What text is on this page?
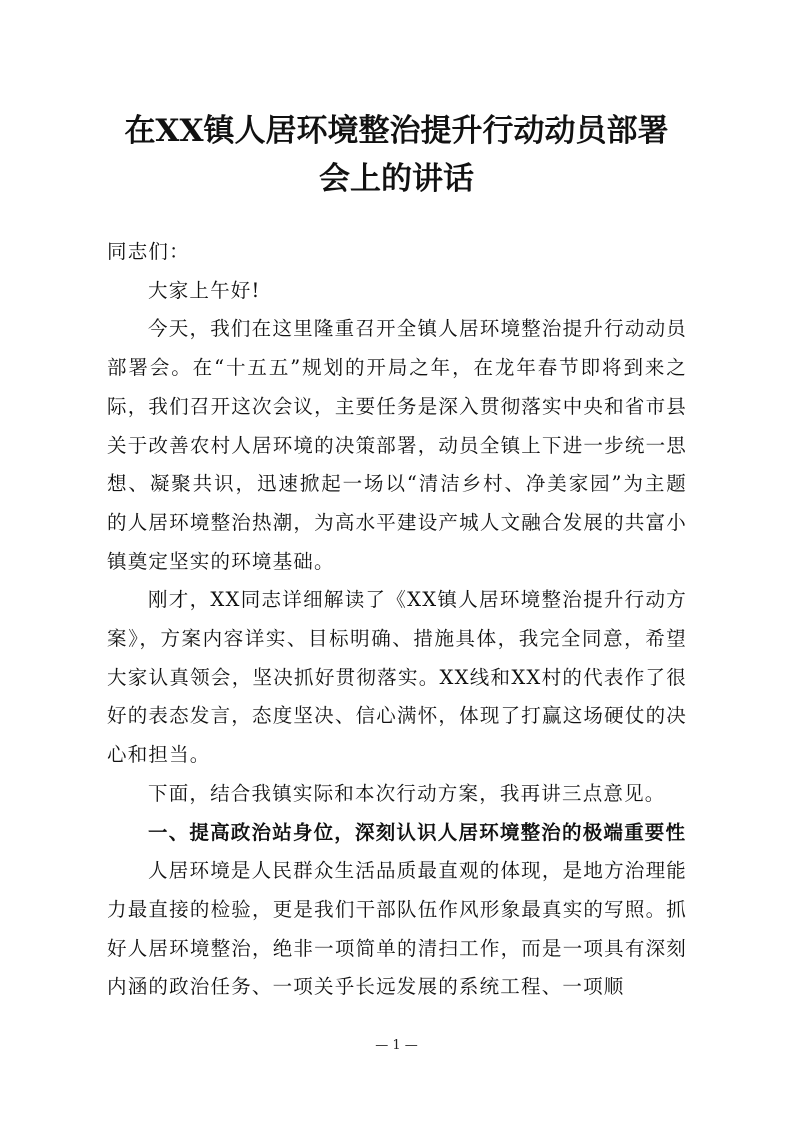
在XX镇人居环境整治提升行动动员部署
会上的讲话

同志们：

大家上午好!

今天，我们在这里隆重召开全镇人居环境整治提升行动动员部署会。在“十五五”规划的开局之年，在龙年春节即将到来之际，我们召开这次会议，主要任务是深入贯彻落实中央和省市县关于改善农村人居环境的决策部署，动员全镇上下进一步统一思想、凝聚共识，迅速掀起一场以“清洁乡村、净美家园”为主题的人居环境整治热潮，为高水平建设产城人文融合发展的共富小镇奠定坚实的环境基础。

刚才，XX同志详细解读了《XX镇人居环境整治提升行动方案》，方案内容详实、目标明确、措施具体，我完全同意，希望大家认真领会，坚决抓好贯彻落实。XX线和XX村的代表作了很好的表态发言，态度坚决、信心满怀，体现了打赢这场硬仗的决心和担当。

下面，结合我镇实际和本次行动方案，我再讲三点意见。

一、提高政治站身位，深刻认识人居环境整治的极端重要性

人居环境是人民群众生活品质最直观的体现，是地方治理能力最直接的检验，更是我们干部队伍作风形象最真实的写照。抓好人居环境整治，绝非一项简单的清扫工作，而是一项具有深刻内涵的政治任务、一项关乎长远发展的系统工程、一项顺

— 1 —
